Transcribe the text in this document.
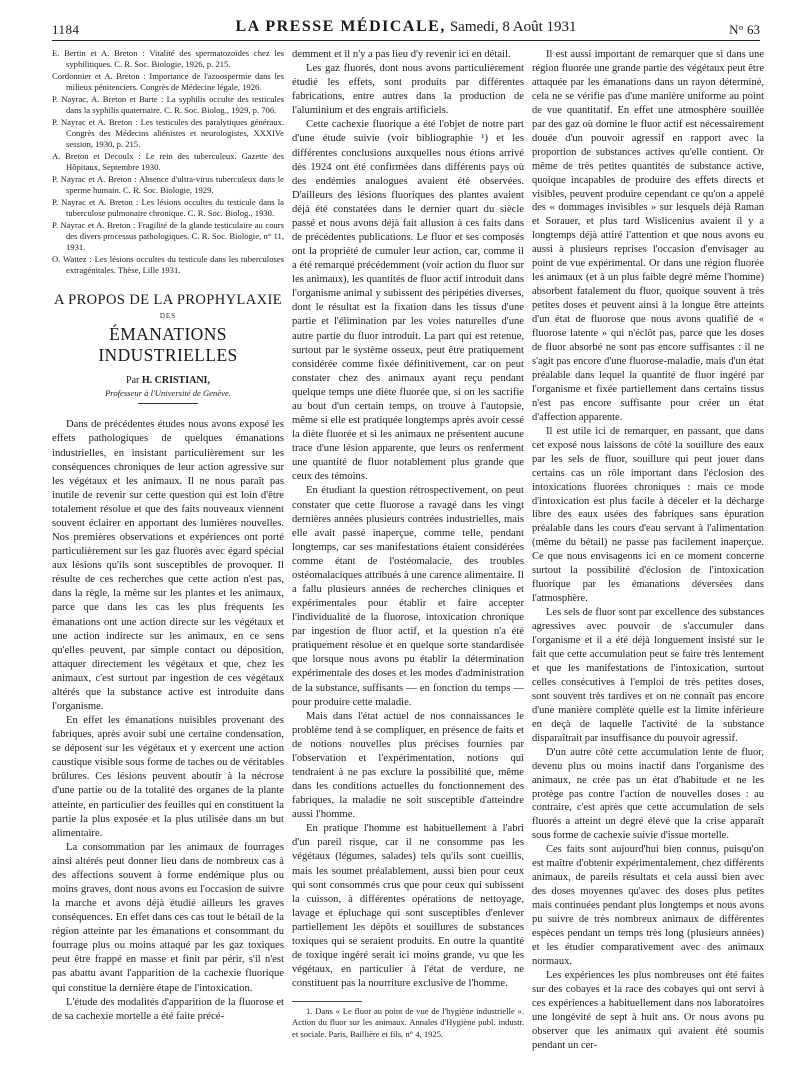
1184	LA PRESSE MÉDICALE, Samedi, 8 Août 1931	N° 63

E. Bertin et A. Breton : Vitalité des spermatozoïdes chez les syphilitiques. C. R. Soc. Biologie, 1926, p. 215.

Cordonnier et A. Breton : Importance de l'azoospermie dans les milieux pénitenciers. Congrès de Médecine légale, 1926.

P. Nayrac, A. Breton et Barte : La syphilis occulte des testicules dans la syphilis quaternaire. C. R. Soc. Biolog., 1929, p. 706.

P. Nayrac et A. Breton : Les testicules des paralytiques généraux. Congrès des Médecins aliénistes et neurologistes, XXXIVe session, 1930, p. 215.

A. Breton et Decoulx : Le rein des tuberculeux. Gazette des Hôpitaux, Septembre 1930.

P. Nayrac et A. Breton : Absence d'ultra-virus tuberculeux dans le sperme humain. C. R. Soc. Biologie, 1929.

P. Nayrac et A. Breton : Les lésions occultes du testicule dans la tuberculose pulmonaire chronique. C. R. Soc. Biolog., 1930.

P. Nayrac et A. Breton : Fragilité de la glande testiculaire au cours des divers processus pathologiques. C. R. Soc. Biologie, n° 11, 1931.

O. Wattez : Les lésions occultes du testicule dans les tuberculoses extragénitales. Thèse, Lille 1931.

A PROPOS DE LA PROPHYLAXIE
DES
ÉMANATIONS INDUSTRIELLES
Par H. CRISTIANI,
Professeur à l'Université de Genève.

Dans de précédentes études nous avons exposé les effets pathologiques de quelques émanations industrielles, en insistant particulièrement sur les conséquences chroniques de leur action agressive sur les végétaux et les animaux. Il ne nous paraît pas inutile de revenir sur cette question qui est loin d'être totalement résolue et que des faits nouveaux viennent souvent éclairer en apportant des lumières nouvelles. Nos premières observations et expériences ont porté particulièrement sur les gaz fluorés avec égard spécial aux lésions qu'ils sont susceptibles de provoquer. Il résulte de ces recherches que cette action n'est pas, dans la règle, la même sur les plantes et les animaux, parce que dans les cas les plus fréquents les émanations ont une action directe sur les végétaux et une action indirecte sur les animaux, en ce sens qu'elles peuvent, par simple contact ou déposition, attaquer directement les végétaux et que, chez les animaux, c'est surtout par ingestion de ces végétaux altérés que la substance active est introduite dans l'organisme.

En effet les émanations nuisibles provenant des fabriques, après avoir subi une certaine condensation, se déposent sur les végétaux et y exercent une action caustique visible sous forme de taches ou de véritables brûlures. Ces lésions peuvent aboutir à la nécrose d'une partie ou de la totalité des organes de la plante atteinte, en particulier des feuilles qui en constituent la partie la plus exposée et la plus utilisée dans un but alimentaire.

La consommation par les animaux de fourrages ainsi altérés peut donner lieu dans de nombreux cas à des affections souvent à forme endémique plus ou moins graves, dont nous avons eu l'occasion de suivre la marche et avons déjà étudié ailleurs les graves conséquences. En effet dans ces cas tout le bétail de la région atteinte par les émanations et consommant du fourrage plus ou moins attaqué par les gaz toxiques peut être frappé en masse et finit par périr, s'il n'est pas abattu avant l'apparition de la cachexie fluorique qui constitue la dernière étape de l'intoxication.

L'étude des modalités d'apparition de la fluorose et de sa cachexie mortelle a été faite précé-

demment et il n'y a pas lieu d'y revenir ici en détail.

Les gaz fluorés, dont nous avons particulièrement étudié les effets, sont produits par différentes fabrications, entre autres dans la production de l'aluminium et des engrais artificiels.

Cette cachexie fluorique a été l'objet de notre part d'une étude suivie (voir bibliographie ¹) et les différentes conclusions auxquelles nous étions arrivé dès 1924 ont été confirmées dans différents pays où des endémies analogues avaient été observées. D'ailleurs des lésions fluoriques des plantes avaient déjà été constatées dans le dernier quart du siècle passé et nous avons déjà fait allusion à ces faits dans de précédentes publications. Le fluor et ses composés ont la propriété de cumuler leur action, car, comme il a été remarqué précédemment (voir action du fluor sur les animaux), les quantités de fluor actif introduit dans l'organisme animal y subissent des péripéties diverses, dont le résultat est la fixation dans les tissus d'une partie et l'élimination par les voies naturelles d'une autre partie du fluor introduit. La part qui est retenue, surtout par le système osseux, peut être pratiquement considérée comme fixée définitivement, car on peut constater chez des animaux ayant reçu pendant quelque temps une diète fluorée que, si on les sacrifie au bout d'un certain temps, on trouve à l'autopsie, même si elle est pratiquée longtemps après avoir cessé la diète fluorée et si les animaux ne présentent aucune trace d'une lésion apparente, que leurs os renferment une quantité de fluor notablement plus grande que ceux des témoins.

En étudiant la question rétrospectivement, on peut constater que cette fluorose a ravagé dans les vingt dernières années plusieurs contrées industrielles, mais elle avait passé inaperçue, comme telle, pendant longtemps, car ses manifestations étaient considérées comme étant de l'ostéomalacie, des troubles ostéomalaciques attribués à une carence alimentaire. Il a fallu plusieurs années de recherches cliniques et expérimentales pour établir et faire accepter l'individualité de la fluorose, intoxication chronique par ingestion de fluor actif, et la question n'a été pratiquement résolue et en quelque sorte standardisée que lorsque nous avons pu établir la détermination expérimentale des doses et les modes d'administration de la substance, suffisants — en fonction du temps — pour produire cette maladie.

Mais dans l'état actuel de nos connaissances le problème tend à se compliquer, en présence de faits et de notions nouvelles plus précises fournies par l'observation et l'expérimentation, notions qui tendraient à ne pas exclure la possibilité que, même dans les conditions actuelles du fonctionnement des fabriques, la maladie ne soit susceptible d'atteindre aussi l'homme.

En pratique l'homme est habituellement à l'abri d'un pareil risque, car il ne consomme pas les végétaux (légumes, salades) tels qu'ils sont cueillis, mais les soumet préalablement, aussi bien pour ceux qui sont consommés crus que pour ceux qui subissent la cuisson, à différentes opérations de nettoyage, lavage et épluchage qui sont susceptibles d'enlever partiellement les dépôts et souillures de substances toxiques qui se seraient produits. En outre la quantité de toxique ingéré serait ici moins grande, vu que les végétaux, en particulier à l'état de verdure, ne constituent pas la nourriture exclusive de l'homme.

1. Dans « Le fluor au point de vue de l'hygiène industrielle ». Action du fluor sur les animaux. Annales d'Hygiène publ. industr. et sociale. Paris, Baillière et fils, n° 4, 1925.

Il est aussi important de remarquer que si dans une région fluorée une grande partie des végétaux peut être attaquée par les émanations dans un rayon déterminé, cela ne se vérifie pas d'une manière uniforme au point de vue quantitatif. En effet une atmosphère souillée par des gaz où domine le fluor actif est nécessairement douée d'un pouvoir agressif en rapport avec la proportion de substances actives qu'elle contient. Or même de très petites quantités de substance active, quoique incapables de produire des effets directs et visibles, peuvent produire cependant ce qu'on a appelé des « dommages invisibles » sur lesquels déjà Raman et Sorauer, et plus tard Wislicenius avaient il y a longtemps déjà attiré l'attention et que nous avons eu aussi à plusieurs reprises l'occasion d'envisager au point de vue expérimental. Or dans une région fluorée les animaux (et à un plus faible degré même l'homme) absorbent fatalement du fluor, quoique souvent à très petites doses et peuvent ainsi à la longue être atteints d'un état de fluorose que nous avons qualifié de « fluorose latente » qui n'éclôt pas, parce que les doses de fluor absorbé ne sont pas encore suffisantes : il ne s'agit pas encore d'une fluorose-maladie, mais d'un état préalable dans lequel la quantité de fluor ingéré par l'organisme et fixée partiellement dans certains tissus n'est pas encore suffisante pour créer un état d'affection apparente.

Il est utile ici de remarquer, en passant, que dans cet exposé nous laissons de côté la souillure des eaux par les sels de fluor, souillure qui peut jouer dans certains cas un rôle important dans l'éclosion des intoxications fluorées chroniques : mais ce mode d'intoxication est plus facile à déceler et la décharge libre des eaux usées des fabriques sans épuration préalable dans les cours d'eau servant à l'alimentation (même du bétail) ne passe pas facilement inaperçue. Ce que nous envisageons ici en ce moment concerne surtout la possibilité d'éclosion de l'intoxication fluorique par les émanations déversées dans l'atmosphère.

Les sels de fluor sont par excellence des substances agressives avec pouvoir de s'accumuler dans l'organisme et il a été déjà longuement insisté sur le fait que cette accumulation peut se faire très lentement et que les manifestations de l'intoxication, surtout celles consécutives à l'emploi de très petites doses, sont souvent très tardives et on ne connaît pas encore d'une manière complète quelle est la limite inférieure en deçà de laquelle l'activité de la substance disparaîtrait par insuffisance du pouvoir agressif.

D'un autre côté cette accumulation lente de fluor, devenu plus ou moins inactif dans l'organisme des animaux, ne crée pas un état d'habitude et ne les protège pas contre l'action de nouvelles doses : au contraire, c'est après que cette accumulation de sels fluorés a atteint un degré élevé que la crise apparaît sous forme de cachexie suivie d'issue mortelle.

Ces faits sont aujourd'hui bien connus, puisqu'on est maître d'obtenir expérimentalement, chez différents animaux, de pareils résultats et cela aussi bien avec des doses moyennes qu'avec des doses plus petites mais continuées pendant plus longtemps et nous avons pu suivre de très nombreux animaux de différentes espèces pendant un temps très long (plusieurs années) et les étudier comparativement avec des animaux normaux.

Les expériences les plus nombreuses ont été faites sur des cobayes et la race des cobayes qui ont servi à ces expériences a habituellement dans nos laboratoires une longévité de sept à huit ans. Or nous avons pu observer que les animaux qui avaient été soumis pendant un cer-
